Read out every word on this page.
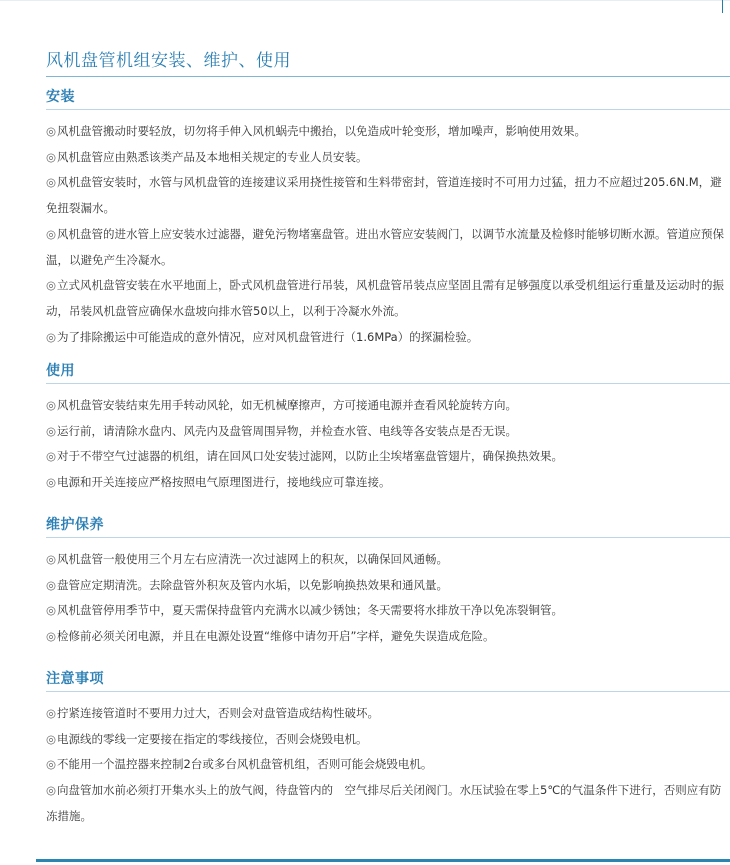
风机盘管机组安装、维护、使用
安装
◎ 风机盘管搬动时要轻放，切勿将手伸入风机蜗壳中搬抬，以免造成叶轮变形，增加噪声，影响使用效果。
◎ 风机盘管应由熟悉该类产品及本地相关规定的专业人员安装。
◎ 风机盘管安装时，水管与风机盘管的连接建议采用挠性接管和生料带密封，管道连接时不可用力过猛，扭力不应超过205.6N.M，避免扭裂漏水。
◎ 风机盘管的进水管上应安装水过滤器，避免污物堵塞盘管。进出水管应安装阀门，以调节水流量及检修时能够切断水源。管道应预保温，以避免产生冷凝水。
◎ 立式风机盘管安装在水平地面上，卧式风机盘管进行吊装，风机盘管吊装点应坚固且需有足够强度以承受机组运行重量及运动时的振动，吊装风机盘管应确保水盘坡向排水管50以上，以利于冷凝水外流。
◎ 为了排除搬运中可能造成的意外情况，应对风机盘管进行（1.6MPa）的探漏检验。
使用
◎ 风机盘管安装结束先用手转动风轮，如无机械摩擦声，方可接通电源并查看风轮旋转方向。
◎ 运行前，请清除水盘内、风壳内及盘管周围异物，并检查水管、电线等各安装点是否无误。
◎ 对于不带空气过滤器的机组，请在回风口处安装过滤网，以防止尘埃堵塞盘管翅片，确保换热效果。
◎ 电源和开关连接应严格按照电气原理图进行，接地线应可靠连接。
维护保养
◎ 风机盘管一般使用三个月左右应清洗一次过滤网上的积灰，以确保回风通畅。
◎ 盘管应定期清洗。去除盘管外积灰及管内水垢，以免影响换热效果和通风量。
◎ 风机盘管停用季节中，夏天需保持盘管内充满水以减少锈蚀；冬天需要将水排放干净以免冻裂铜管。
◎ 检修前必须关闭电源，并且在电源处设置“维修中请勿开启”字样，避免失误造成危险。
注意事项
◎ 拧紧连接管道时不要用力过大，否则会对盘管造成结构性破坏。
◎ 电源线的零线一定要接在指定的零线接位，否则会烧毁电机。
◎ 不能用一个温控器来控制2台或多台风机盘管机组，否则可能会烧毁电机。
◎ 向盘管加水前必须打开集水头上的放气阀，待盘管内的　空气排尽后关闭阀门。水压试验在零上5℃的气温条件下进行，否则应有防冻措施。
